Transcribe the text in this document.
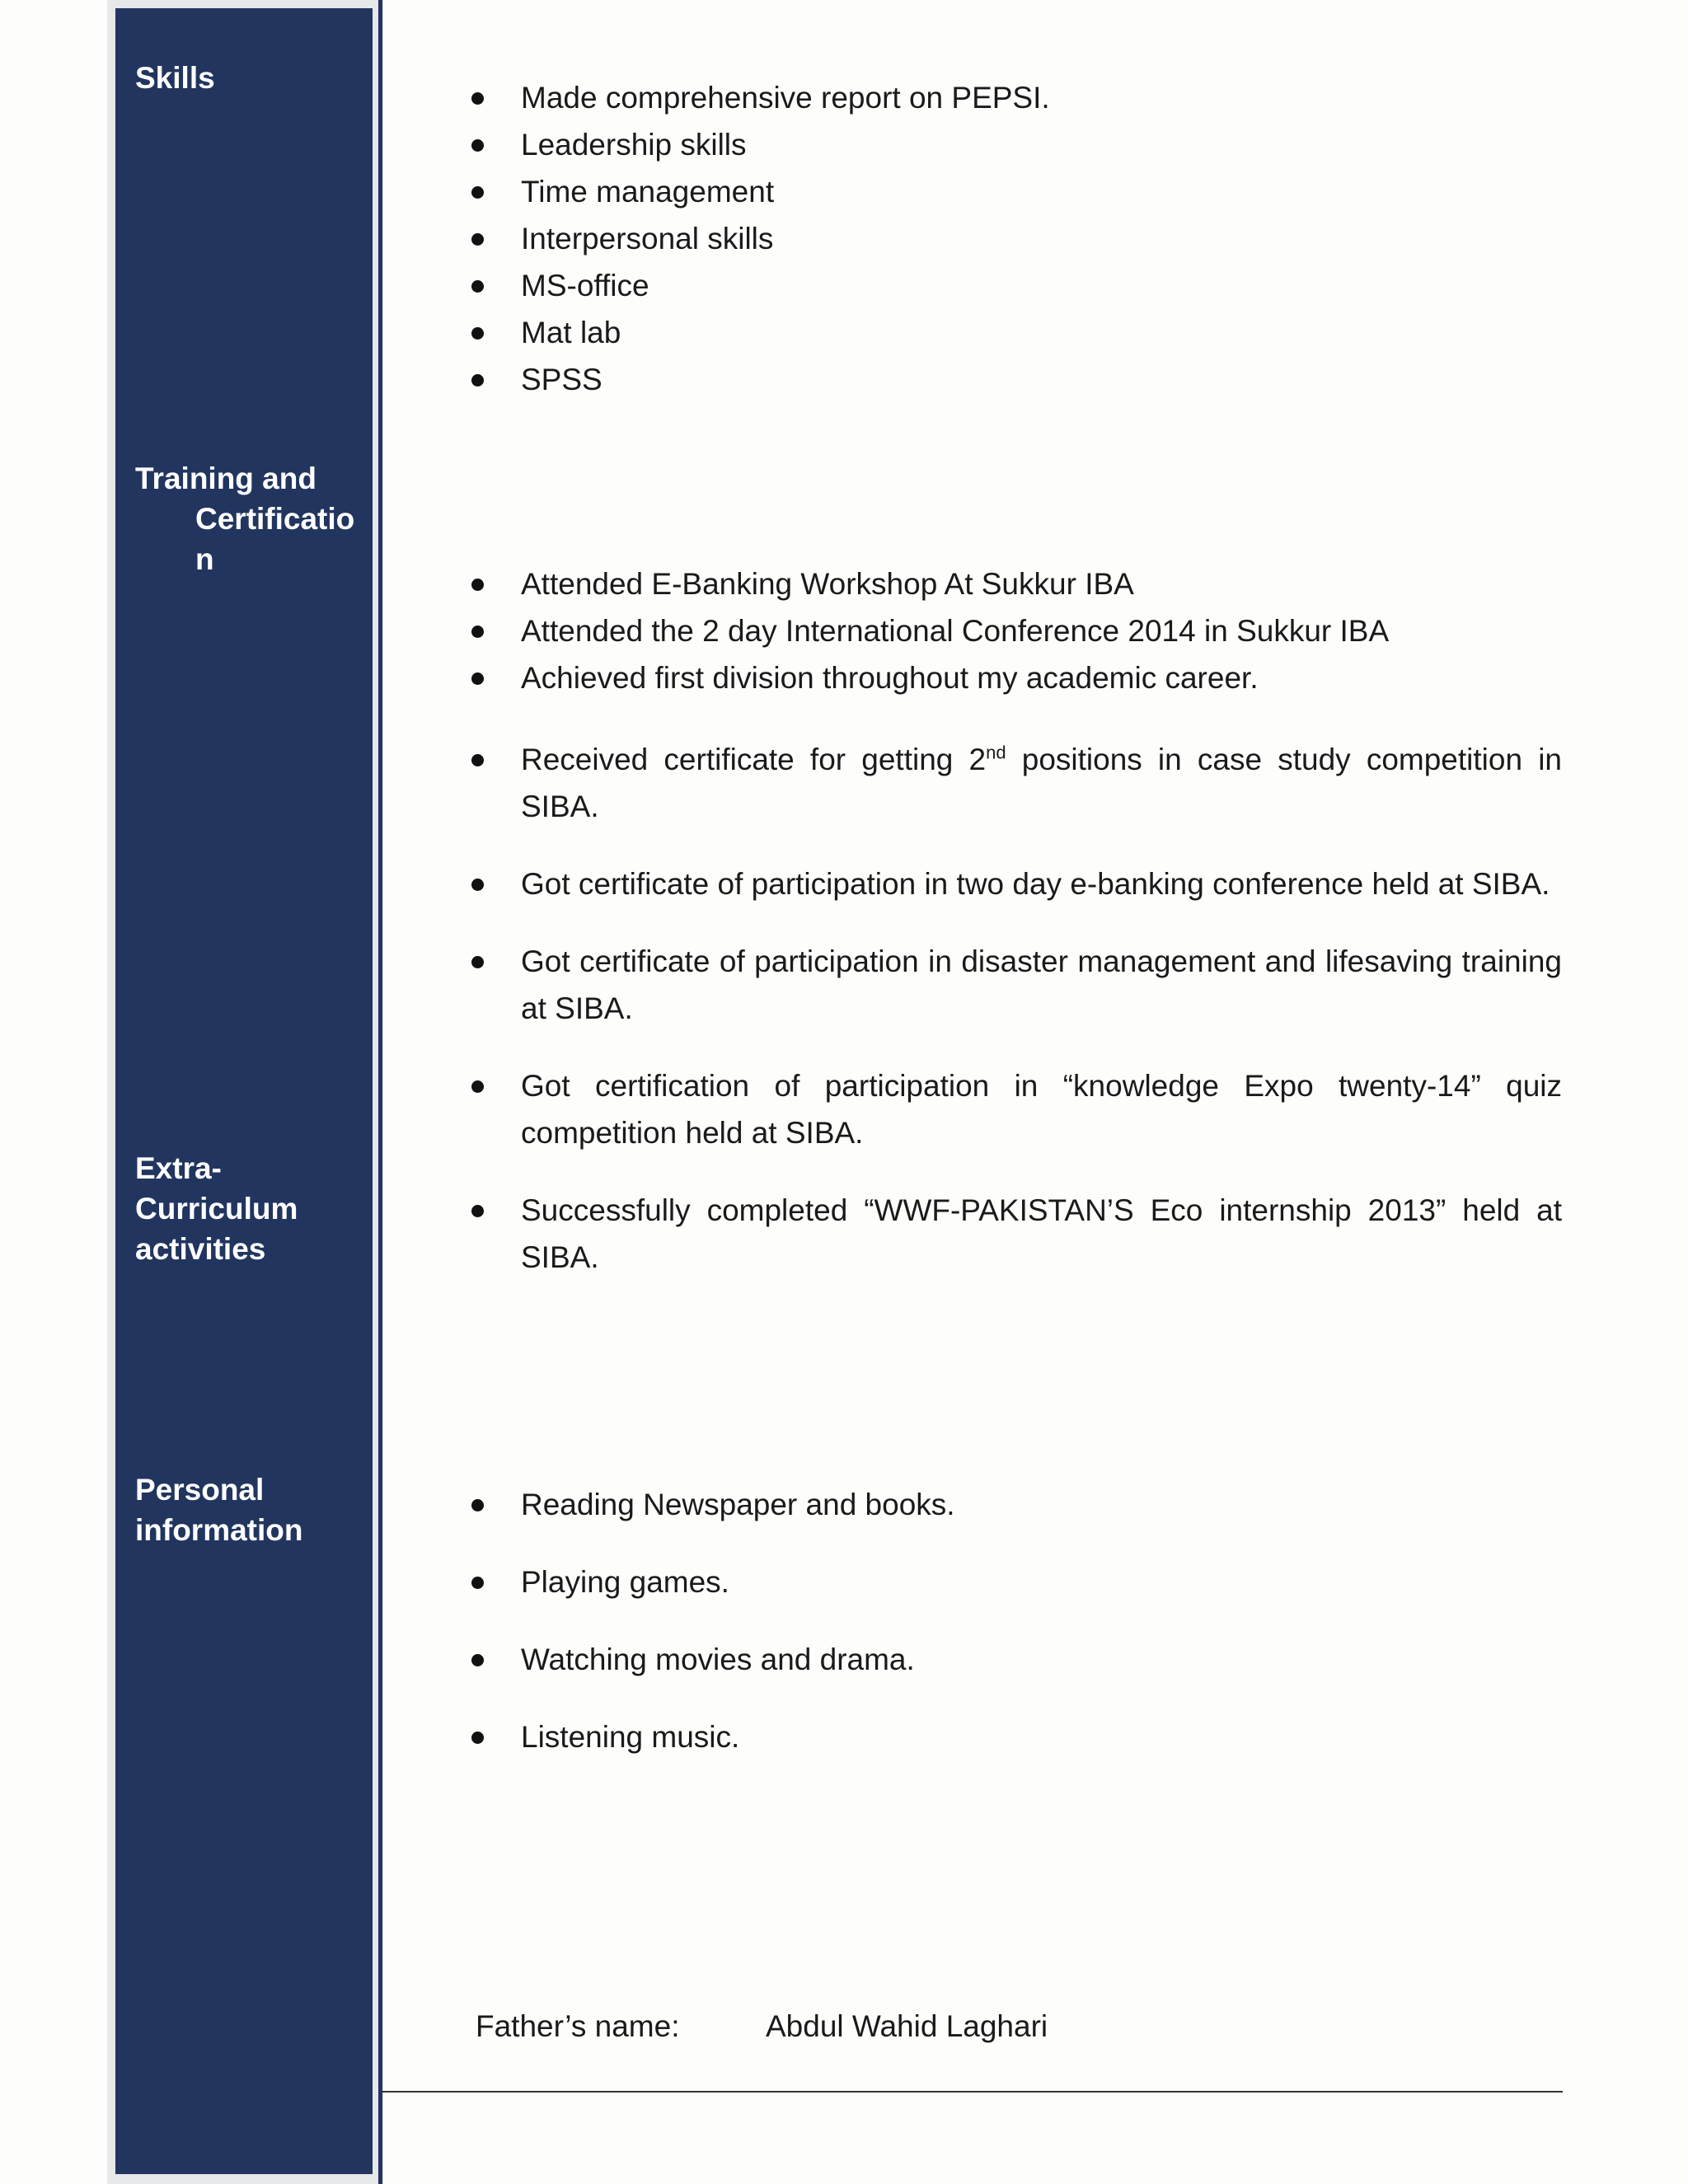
Skills
Training and
Certificatio
n
Extra-
Curriculum
activities
Personal
information
Made comprehensive report on PEPSI.
Leadership skills
Time management
Interpersonal skills
MS-office
Mat lab
SPSS
Attended E-Banking Workshop At Sukkur IBA
Attended the 2 day International Conference 2014 in Sukkur IBA
Achieved first division throughout my academic career.
Received certificate for getting 2nd positions in case study competition in SIBA.
Got certificate of participation in two day e-banking conference held at SIBA.
Got certificate of participation in disaster management and lifesaving training at SIBA.
Got certification of participation in “knowledge Expo twenty-14” quiz competition held at SIBA.
Successfully completed “WWF-PAKISTAN’S Eco internship 2013” held at SIBA.
Reading Newspaper and books.
Playing games.
Watching movies and drama.
Listening music.
Father’s name:	Abdul Wahid Laghari
